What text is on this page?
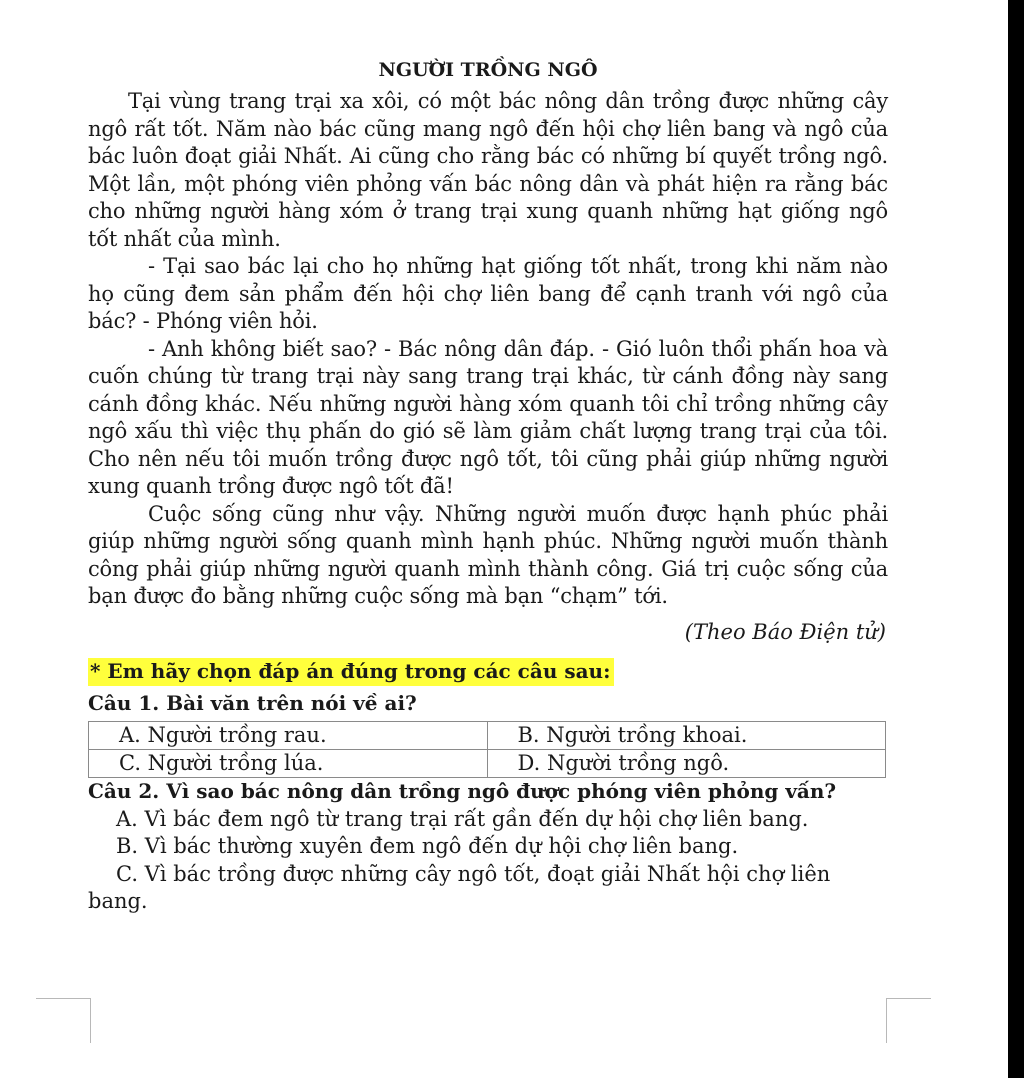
NGƯỜI TRỒNG NGÔ

Tại vùng trang trại xa xôi, có một bác nông dân trồng được những cây ngô rất tốt. Năm nào bác cũng mang ngô đến hội chợ liên bang và ngô của bác luôn đoạt giải Nhất. Ai cũng cho rằng bác có những bí quyết trồng ngô. Một lần, một phóng viên phỏng vấn bác nông dân và phát hiện ra rằng bác cho những người hàng xóm ở trang trại xung quanh những hạt giống ngô tốt nhất của mình.

- Tại sao bác lại cho họ những hạt giống tốt nhất, trong khi năm nào họ cũng đem sản phẩm đến hội chợ liên bang để cạnh tranh với ngô của bác? - Phóng viên hỏi.

- Anh không biết sao? - Bác nông dân đáp. - Gió luôn thổi phấn hoa và cuốn chúng từ trang trại này sang trang trại khác, từ cánh đồng này sang cánh đồng khác. Nếu những người hàng xóm quanh tôi chỉ trồng những cây ngô xấu thì việc thụ phấn do gió sẽ làm giảm chất lượng trang trại của tôi. Cho nên nếu tôi muốn trồng được ngô tốt, tôi cũng phải giúp những người xung quanh trồng được ngô tốt đã!

Cuộc sống cũng như vậy. Những người muốn được hạnh phúc phải giúp những người sống quanh mình hạnh phúc. Những người muốn thành công phải giúp những người quanh mình thành công. Giá trị cuộc sống của bạn được đo bằng những cuộc sống mà bạn “chạm” tới.

(Theo Báo Điện tử)
* Em hãy chọn đáp án đúng trong các câu sau:

Câu 1. Bài văn trên nói về ai?

A. Người trồng rau.	B. Người trồng khoai.
C. Người trồng lúa.	D. Người trồng ngô.

Câu 2. Vì sao bác nông dân trồng ngô được phóng viên phỏng vấn?

A. Vì bác đem ngô từ trang trại rất gần đến dự hội chợ liên bang.

B. Vì bác thường xuyên đem ngô đến dự hội chợ liên bang.

C. Vì bác trồng được những cây ngô tốt, đoạt giải Nhất hội chợ liên

bang.
